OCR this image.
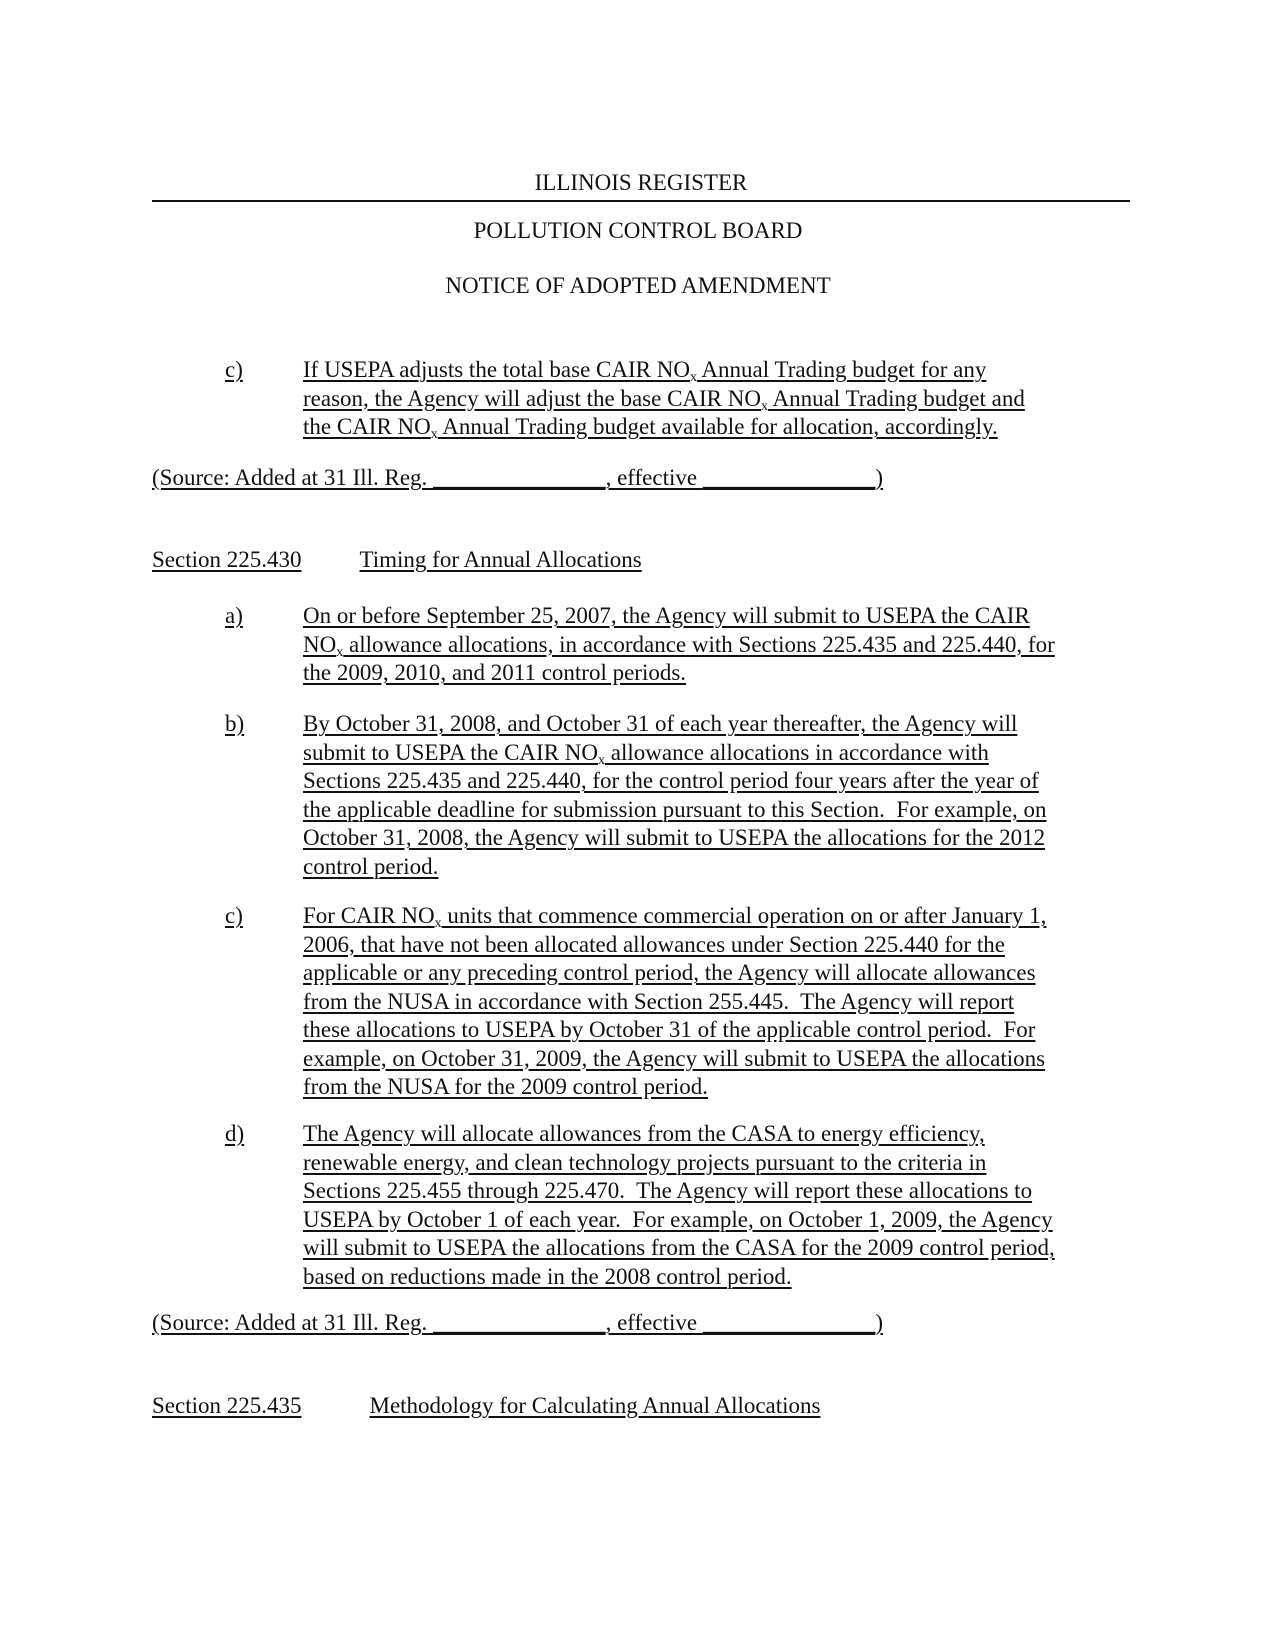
ILLINOIS REGISTER
POLLUTION CONTROL BOARD
NOTICE OF ADOPTED AMENDMENT
c)	If USEPA adjusts the total base CAIR $NO_x$ Annual Trading budget for any
reason, the Agency will adjust the base CAIR $NO_x$ Annual Trading budget and
the CAIR $NO_x$ Annual Trading budget available for allocation, accordingly.
(Source: Added at 31 Ill. Reg. _______________, effective _______________)
Section 225.430	Timing for Annual Allocations
a)	On or before September 25, 2007, the Agency will submit to USEPA the CAIR
$NO_x$ allowance allocations, in accordance with Sections 225.435 and 225.440, for
the 2009, 2010, and 2011 control periods.
b)	By October 31, 2008, and October 31 of each year thereafter, the Agency will
submit to USEPA the CAIR $NO_x$ allowance allocations in accordance with
Sections 225.435 and 225.440, for the control period four years after the year of
the applicable deadline for submission pursuant to this Section.  For example, on
October 31, 2008, the Agency will submit to USEPA the allocations for the 2012
control period.
c)	For CAIR $NO_x$ units that commence commercial operation on or after January 1,
2006, that have not been allocated allowances under Section 225.440 for the
applicable or any preceding control period, the Agency will allocate allowances
from the NUSA in accordance with Section 255.445.  The Agency will report
these allocations to USEPA by October 31 of the applicable control period.  For
example, on October 31, 2009, the Agency will submit to USEPA the allocations
from the NUSA for the 2009 control period.
d)	The Agency will allocate allowances from the CASA to energy efficiency,
renewable energy, and clean technology projects pursuant to the criteria in
Sections 225.455 through 225.470.  The Agency will report these allocations to
USEPA by October 1 of each year.  For example, on October 1, 2009, the Agency
will submit to USEPA the allocations from the CASA for the 2009 control period,
based on reductions made in the 2008 control period.
(Source: Added at 31 Ill. Reg. _______________, effective _______________)
Section 225.435	Methodology for Calculating Annual Allocations
